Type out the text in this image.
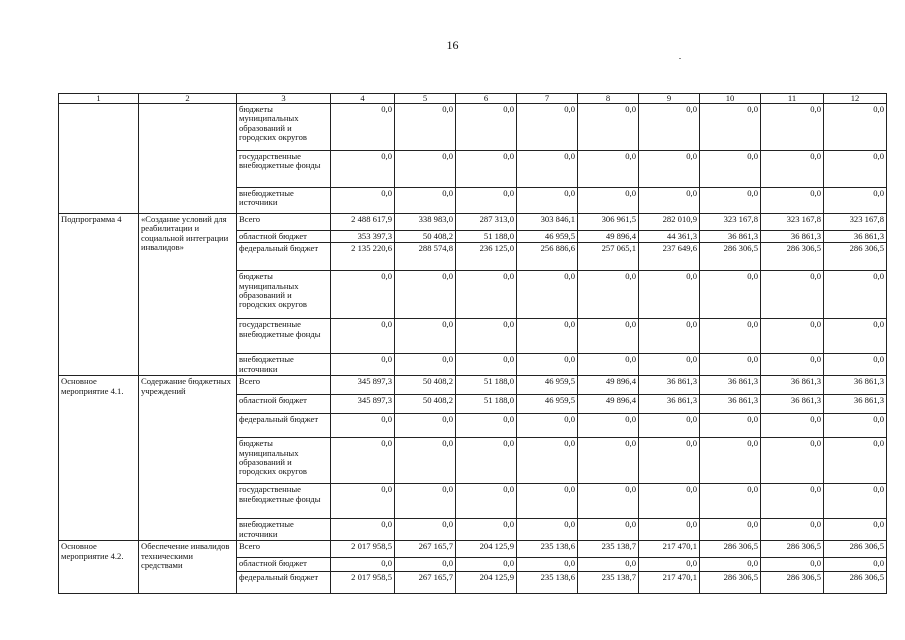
16
1	2	3	4	5	6	7	8	9	10	11	12
		бюджеты муниципальных образований и городских округов	0,0	0,0	0,0	0,0	0,0	0,0	0,0	0,0	0,0
		государственные внебюджетные фонды	0,0	0,0	0,0	0,0	0,0	0,0	0,0	0,0	0,0
		внебюджетные источники	0,0	0,0	0,0	0,0	0,0	0,0	0,0	0,0	0,0
Подпрограмма 4	«Создание условий для реабилитации и социальной интеграции инвалидов»	Всего	2 488 617,9	338 983,0	287 313,0	303 846,1	306 961,5	282 010,9	323 167,8	323 167,8	323 167,8
		областной бюджет	353 397,3	50 408,2	51 188,0	46 959,5	49 896,4	44 361,3	36 861,3	36 861,3	36 861,3
		федеральный бюджет	2 135 220,6	288 574,8	236 125,0	256 886,6	257 065,1	237 649,6	286 306,5	286 306,5	286 306,5
		бюджеты муниципальных образований и городских округов	0,0	0,0	0,0	0,0	0,0	0,0	0,0	0,0	0,0
		государственные внебюджетные фонды	0,0	0,0	0,0	0,0	0,0	0,0	0,0	0,0	0,0
		внебюджетные источники	0,0	0,0	0,0	0,0	0,0	0,0	0,0	0,0	0,0
Основное мероприятие 4.1.	Содержание бюджетных учреждений	Всего	345 897,3	50 408,2	51 188,0	46 959,5	49 896,4	36 861,3	36 861,3	36 861,3	36 861,3
		областной бюджет	345 897,3	50 408,2	51 188,0	46 959,5	49 896,4	36 861,3	36 861,3	36 861,3	36 861,3
		федеральный бюджет	0,0	0,0	0,0	0,0	0,0	0,0	0,0	0,0	0,0
		бюджеты муниципальных образований и городских округов	0,0	0,0	0,0	0,0	0,0	0,0	0,0	0,0	0,0
		государственные внебюджетные фонды	0,0	0,0	0,0	0,0	0,0	0,0	0,0	0,0	0,0
		внебюджетные источники	0,0	0,0	0,0	0,0	0,0	0,0	0,0	0,0	0,0
Основное мероприятие 4.2.	Обеспечение инвалидов техническими средствами	Всего	2 017 958,5	267 165,7	204 125,9	235 138,6	235 138,7	217 470,1	286 306,5	286 306,5	286 306,5
		областной бюджет	0,0	0,0	0,0	0,0	0,0	0,0	0,0	0,0	0,0
		федеральный бюджет	2 017 958,5	267 165,7	204 125,9	235 138,6	235 138,7	217 470,1	286 306,5	286 306,5	286 306,5
